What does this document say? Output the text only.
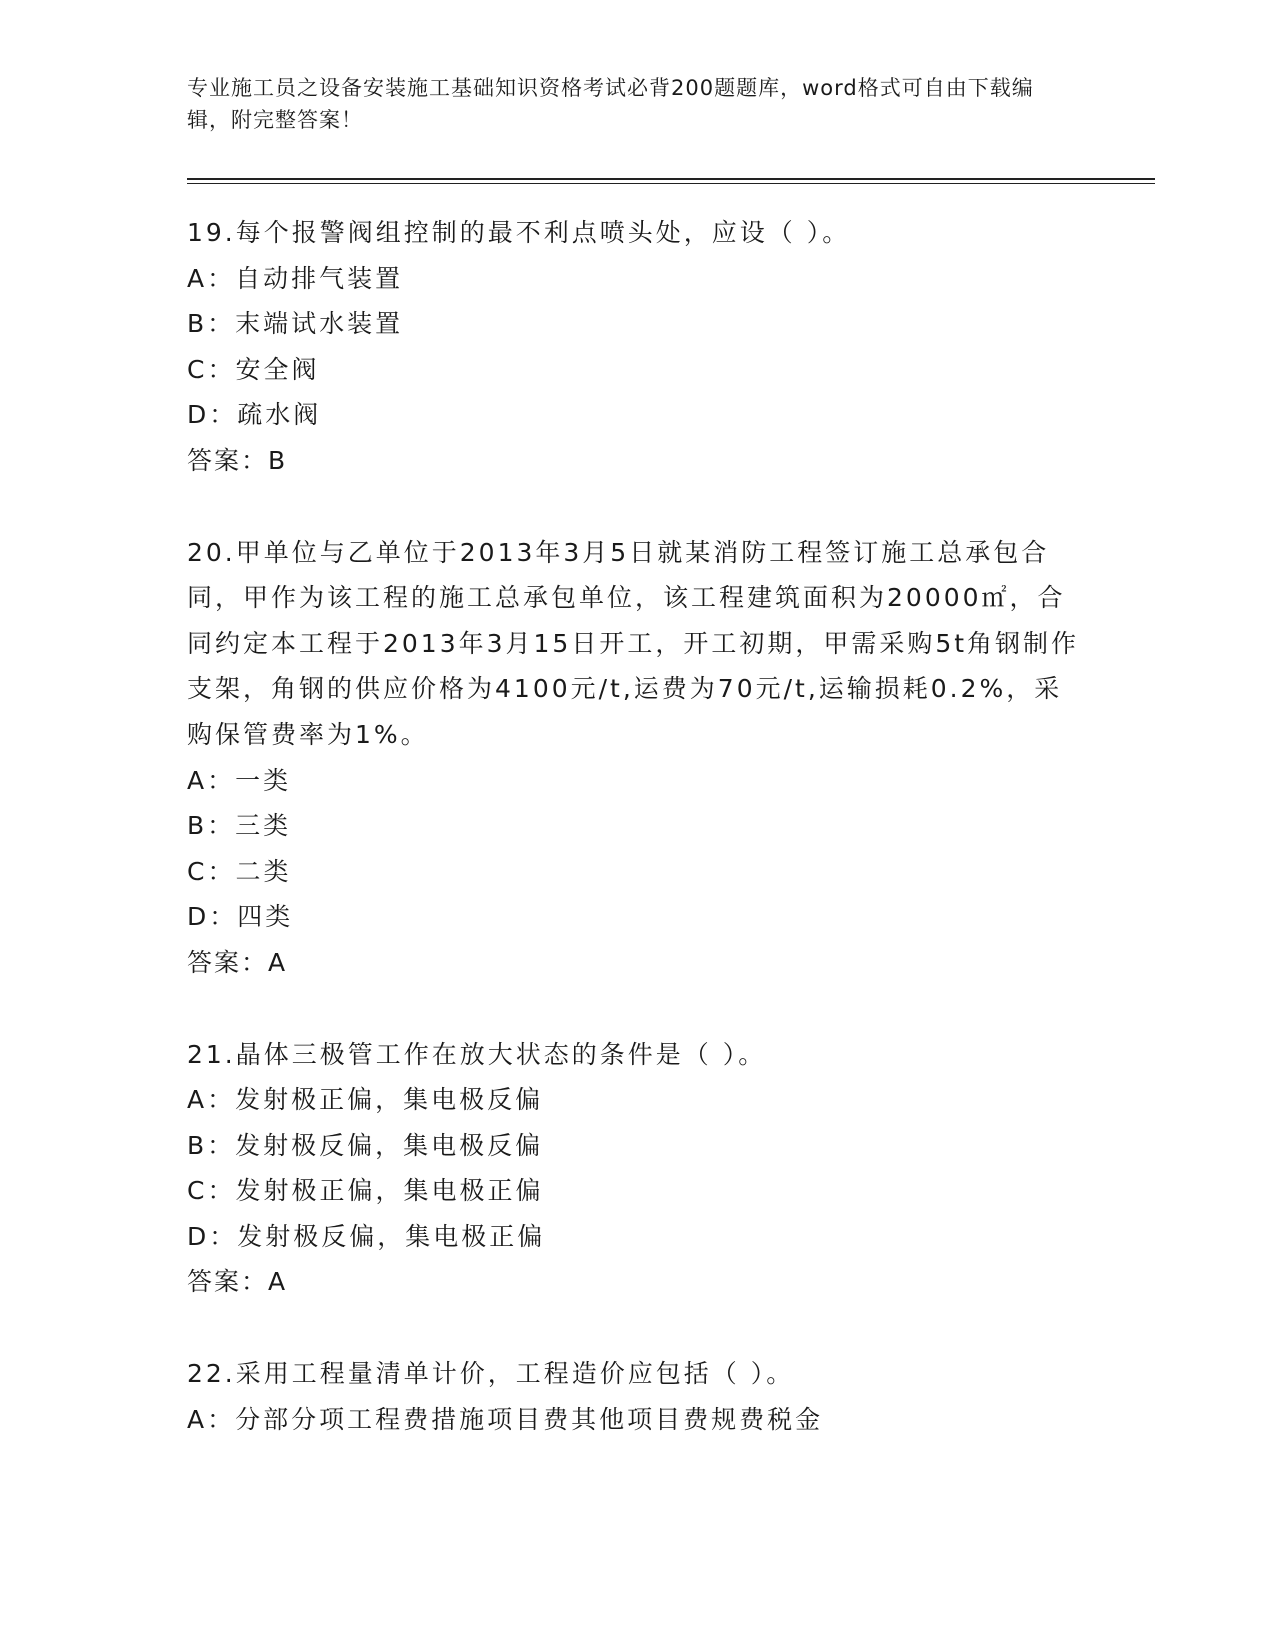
专业施工员之设备安装施工基础知识资格考试必背200题题库，word格式可自由下载编辑，附完整答案！

19.每个报警阀组控制的最不利点喷头处，应设（ ）。

A：自动排气装置

B：末端试水装置

C：安全阀

D：疏水阀

答案：B

20.甲单位与乙单位于2013年3月5日就某消防工程签订施工总承包合同，甲作为该工程的施工总承包单位，该工程建筑面积为20000㎡，合同约定本工程于2013年3月15日开工，开工初期，甲需采购5t角钢制作支架，角钢的供应价格为4100元/t,运费为70元/t,运输损耗0.2%，采购保管费率为1%。

A：一类

B：三类

C：二类

D：四类

答案：A

21.晶体三极管工作在放大状态的条件是（ ）。

A：发射极正偏，集电极反偏

B：发射极反偏，集电极反偏

C：发射极正偏，集电极正偏

D：发射极反偏，集电极正偏

答案：A

22.采用工程量清单计价，工程造价应包括（ ）。

A：分部分项工程费措施项目费其他项目费规费税金
